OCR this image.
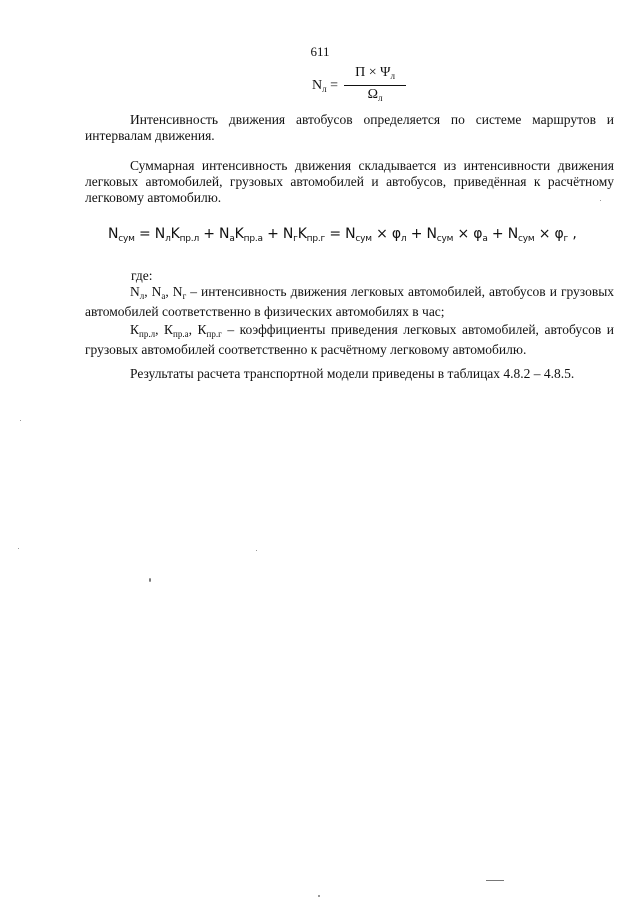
611
$N_л = \frac{П \times \Psi_л}{\Omega_л}$

Интенсивность движения автобусов определяется по системе маршрутов и интервалам движения.

Суммарная интенсивность движения складывается из интенсивности движения легковых автомобилей, грузовых автомобилей и автобусов, приведённая к расчётному легковому автомобилю.

$N_{сум} = N_лK_{пр.л} + N_аK_{пр.а} + N_гK_{пр.г} = N_{сум} \times \varphi_л + N_{сум} \times \varphi_а + N_{сум} \times \varphi_г$ ,
где:

$N_л$, $N_а$, $N_г$ – интенсивность движения легковых автомобилей, автобусов и грузовых автомобилей соответственно в физических автомобилях в час;

$К_{пр.л}$, $К_{пр.а}$, $К_{пр.г}$ – коэффициенты приведения легковых автомобилей, автобусов и грузовых автомобилей соответственно к расчётному легковому автомобилю.

Результаты расчета транспортной модели приведены в таблицах 4.8.2 – 4.8.5.
